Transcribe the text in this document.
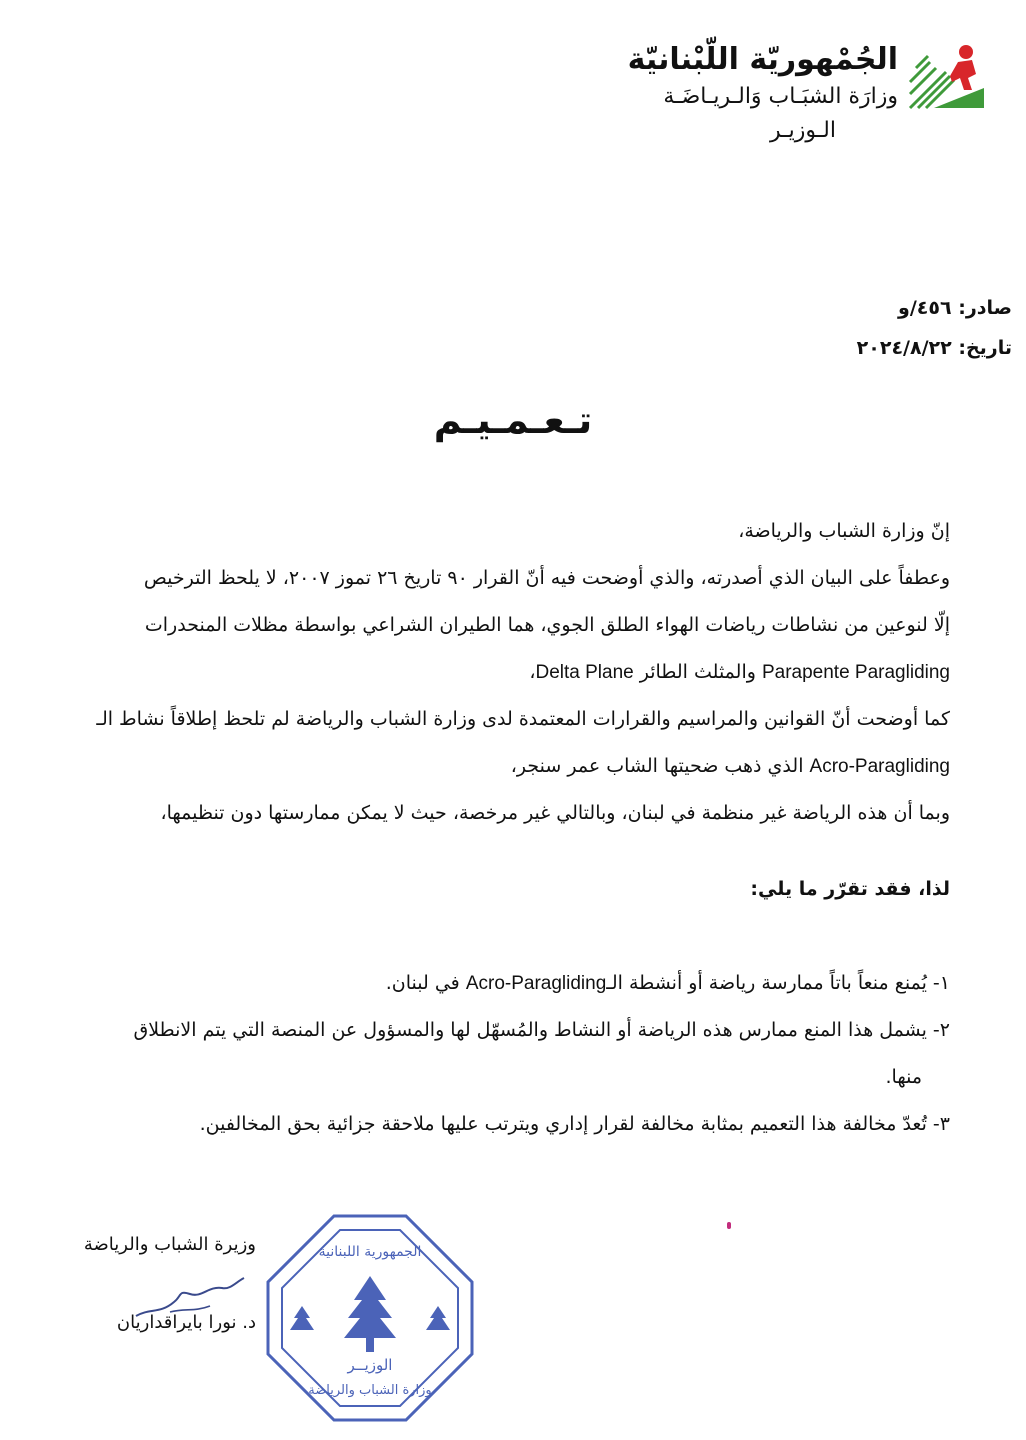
الجُمْهوريّة اللّبْنانيّة
وزارَة الشبَـاب وَالـريـاضَـة
الـوزيـر
صادر: ٤٥٦/و
تاريخ: ٢٠٢٤/٨/٢٢
تـعـمـيـم

إنّ وزارة الشباب والرياضة،

وعطفاً على البيان الذي أصدرته، والذي أوضحت فيه أنّ القرار ٩٠ تاريخ ٢٦ تموز ٢٠٠٧، لا يلحظ الترخيص

إلّا لنوعين من نشاطات رياضات الهواء الطلق الجوي، هما الطيران الشراعي بواسطة مظلات المنحدرات

Parapente Paragliding والمثلث الطائر Delta Plane،

كما أوضحت أنّ القوانين والمراسيم والقرارات المعتمدة لدى وزارة الشباب والرياضة لم تلحظ إطلاقاً نشاط الـ

Acro-Paragliding الذي ذهب ضحيتها الشاب عمر سنجر،

وبما أن هذه الرياضة غير منظمة في لبنان، وبالتالي غير مرخصة، حيث لا يمكن ممارستها دون تنظيمها،

لذا، فقد تقرّر ما يلي:
١- يُمنع منعاً باتاً ممارسة رياضة أو أنشطة الـAcro-Paragliding في لبنان.
٢- يشمل هذا المنع ممارس هذه الرياضة أو النشاط والمُسهّل لها والمسؤول عن المنصة التي يتم الانطلاق
منها.
٣- تُعدّ مخالفة هذا التعميم بمثابة مخالفة لقرار إداري ويترتب عليها ملاحقة جزائية بحق المخالفين.
وزيرة الشباب والرياضة
د. نورا بايراقداريان
الجمهورية اللبنانية
الوزيــر
وزارة الشباب والرياضة
